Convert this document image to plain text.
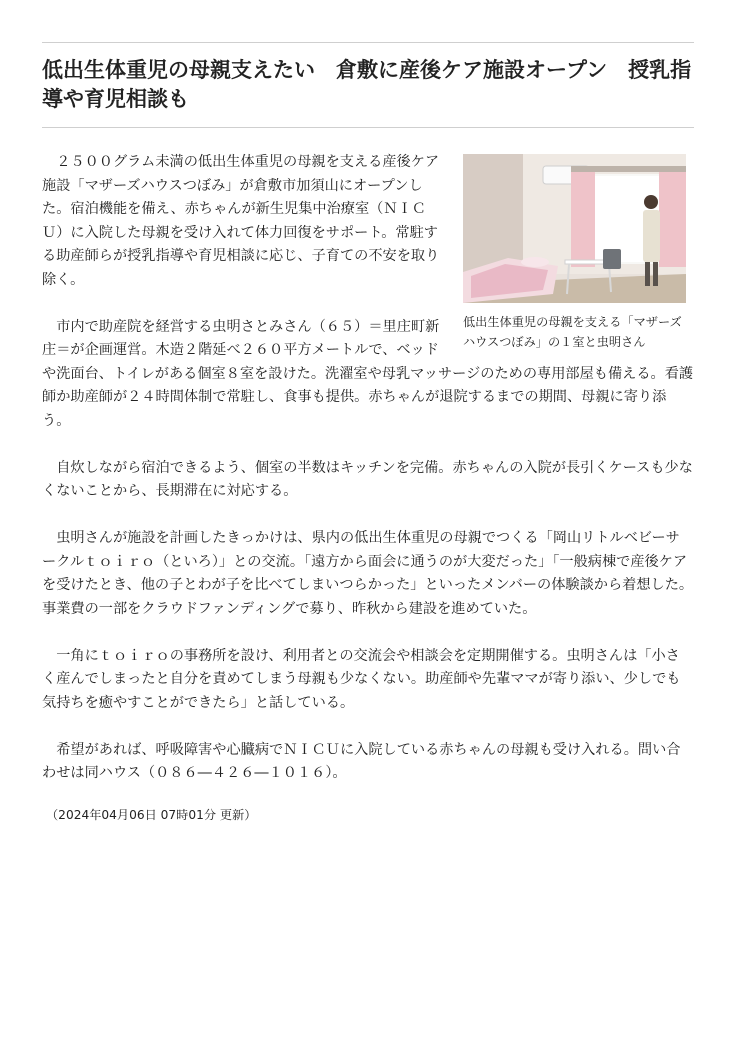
低出生体重児の母親支えたい　倉敷に産後ケア施設オープン　授乳指導や育児相談も
低出生体重児の母親を支える「マザーズハウスつぼみ」の１室と虫明さん

２５００グラム未満の低出生体重児の母親を支える産後ケア施設「マザーズハウスつぼみ」が倉敷市加須山にオープンした。宿泊機能を備え、赤ちゃんが新生児集中治療室（ＮＩＣＵ）に入院した母親を受け入れて体力回復をサポート。常駐する助産師らが授乳指導や育児相談に応じ、子育ての不安を取り除く。

市内で助産院を経営する虫明さとみさん（６５）＝里庄町新庄＝が企画運営。木造２階延べ２６０平方メートルで、ベッドや洗面台、トイレがある個室８室を設けた。洗濯室や母乳マッサージのための専用部屋も備える。看護師か助産師が２４時間体制で常駐し、食事も提供。赤ちゃんが退院するまでの期間、母親に寄り添う。

自炊しながら宿泊できるよう、個室の半数はキッチンを完備。赤ちゃんの入院が長引くケースも少なくないことから、長期滞在に対応する。

虫明さんが施設を計画したきっかけは、県内の低出生体重児の母親でつくる「岡山リトルベビーサークルｔｏｉｒｏ（といろ）」との交流。「遠方から面会に通うのが大変だった」「一般病棟で産後ケアを受けたとき、他の子とわが子を比べてしまいつらかった」といったメンバーの体験談から着想した。事業費の一部をクラウドファンディングで募り、昨秋から建設を進めていた。

一角にｔｏｉｒｏの事務所を設け、利用者との交流会や相談会を定期開催する。虫明さんは「小さく産んでしまったと自分を責めてしまう母親も少なくない。助産師や先輩ママが寄り添い、少しでも気持ちを癒やすことができたら」と話している。

希望があれば、呼吸障害や心臓病でＮＩＣＵに入院している赤ちゃんの母親も受け入れる。問い合わせは同ハウス（０８６―４２６―１０１６）。

（2024年04月06日 07時01分 更新）
